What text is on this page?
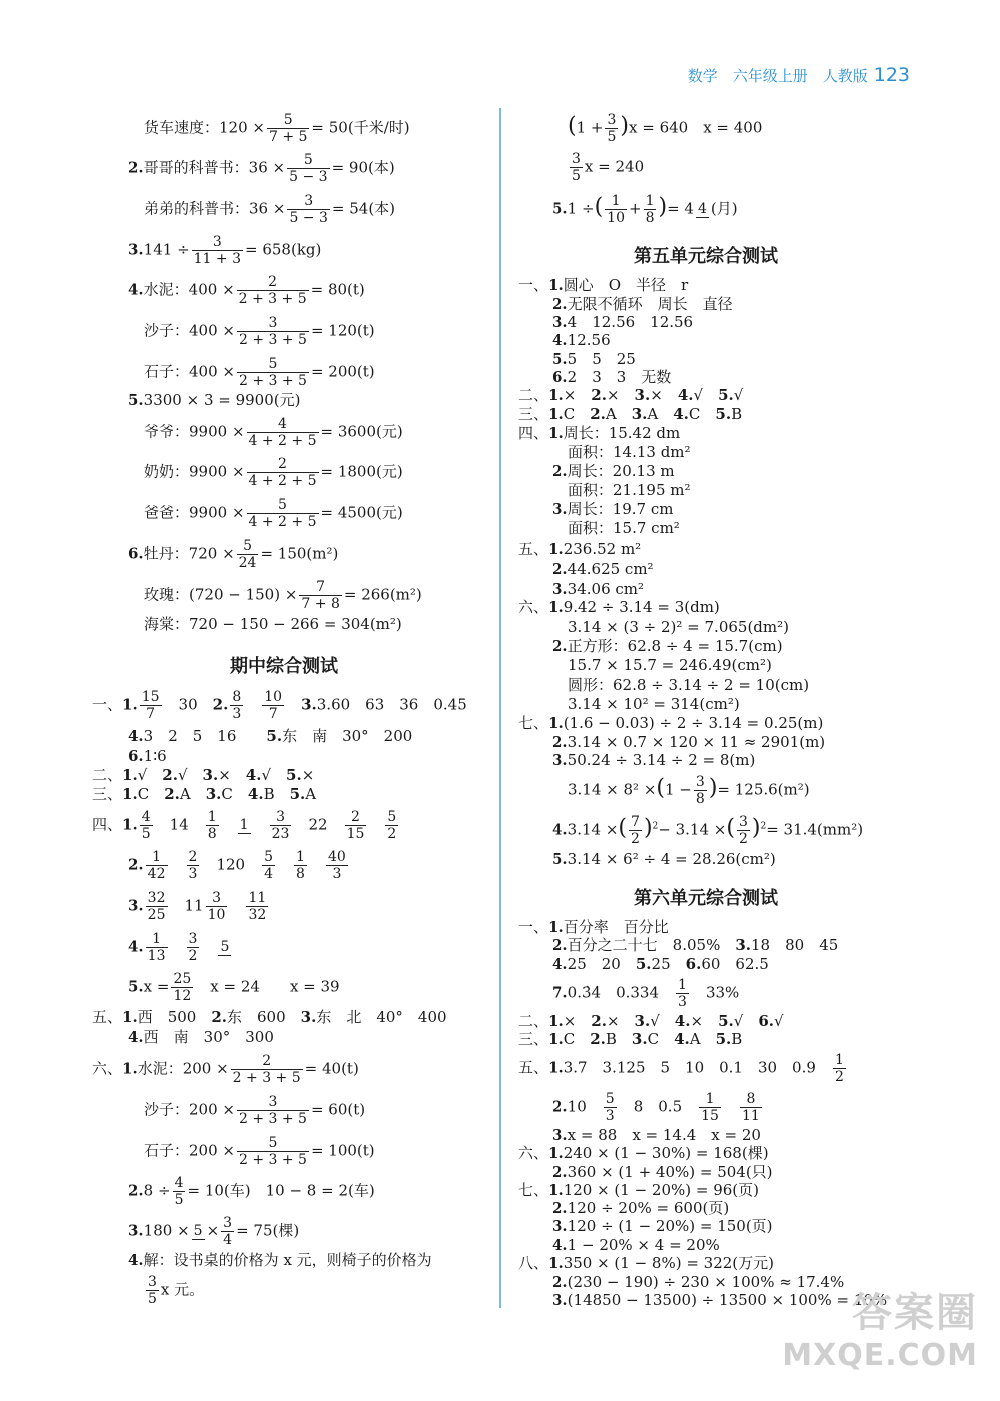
数学　六年级上册　人教版 123
货车速度：$120 \times \frac{5}{7 + 5} = 50$(千米/时)
2.哥哥的科普书：$36 \times \frac{5}{5 - 3} = 90$(本)
弟弟的科普书：$36 \times \frac{3}{5 - 3} = 54$(本)
$3.141 \div \frac{3}{11 + 3} = 658(kg)$
4.水泥：$400 \times \frac{2}{2 + 3 + 5} = 80(t)$
沙子：$400 \times \frac{3}{2 + 3 + 5} = 120(t)$
石子：$400 \times \frac{5}{2 + 3 + 5} = 200(t)$
5.3300 × 3 = 9900(元)
爷爷：$9900 \times \frac{4}{4 + 2 + 5} = 3600$(元)
奶奶：$9900 \times \frac{2}{4 + 2 + 5} = 1800$(元)
爸爸：$9900 \times \frac{5}{4 + 2 + 5} = 4500$(元)
6.牡丹：$720 \times \frac{5}{24} = 150(m^2)$
玫瑰：$(720 - 150) \times \frac{7}{7 + 8} = 266(m^2)$
海棠：720 − 150 − 266 = 304(m²)
期中综合测试
一、1. $\frac{15}{7}$
　 30　 2. $\frac{8}{3}$
　 $\frac{10}{7}$
　 3.3.60　63　36　0.45
4.3　2　5　16　　 5.东　南　30°　200
6.1∶6
二、1.√　 2.√　 3.×　 4.√　 5.×
三、1.C　 2.A　 3.C　 4.B　 5.A
四、1. $\frac{4}{5}$
　 14　 $\frac{1}{8}$
　 1
　 $\frac{3}{23}$
　 22　 $\frac{2}{15}$
　 $\frac{5}{2}$
2. $\frac{1}{42}$
　 $\frac{2}{3}$
　 120　 $\frac{5}{4}$
　 $\frac{1}{8}$
　 $\frac{40}{3}$
3. $\frac{32}{25}$
　 $11 \frac{3}{10}$
　 $\frac{11}{32}$
4. $\frac{1}{13}$
　 $\frac{3}{2}$
　 5
$5.x = \frac{25}{12}$ 　x = 24　　x = 39
五、1.西　500　 2.东　600　 3.东　北　40°　400
4.西　南　30°　300
六、1.水泥：$200 \times \frac{2}{2 + 3 + 5} = 40(t)$
沙子：$200 \times \frac{3}{2 + 3 + 5} = 60(t)$
石子：$200 \times \frac{5}{2 + 3 + 5} = 100(t)$
$2.8 \div \frac{4}{5} = 10$(车)　10 − 8 = 2(车)
$3.180 \times 5 \times \frac{3}{4} = 75$(棵)
4.解：设书桌的价格为 x 元，则椅子的价格为
$\frac{3}{5}$ x 元。
$(1 + \frac{3}{5} )x = 640$　x = 400
$\frac{3}{5}$ x = 240
5.1 ÷( $\frac{1}{10} + \frac{1}{8}$ )= 4 4 (月)
第五单元综合测试
一、1.圆心　O　半径　r
2.无限不循环　周长　直径
3.4　12.56　12.56
4.12.56
5.5　5　25
6.2　3　3　无数
二、1.×　 2.×　 3.×　 4.√　 5.√
三、1.C　 2.A　 3.A　 4.C　 5.B
四、1.周长：15.42 dm
面积：14.13 dm²
2.周长：20.13 m
面积：21.195 m²
3.周长：19.7 cm
面积：15.7 cm²
五、1.236.52 m²
2.44.625 cm²
3.34.06 cm²
六、1.9.42 ÷ 3.14 = 3(dm)
3.14 × (3 ÷ 2)² = 7.065(dm²)
2.正方形：62.8 ÷ 4 = 15.7(cm)
15.7 × 15.7 = 246.49(cm²)
圆形：62.8 ÷ 3.14 ÷ 2 = 10(cm)
3.14 × 10² = 314(cm²)
七、1.(1.6 − 0.03) ÷ 2 ÷ 3.14 = 0.25(m)
2.3.14 × 0.7 × 120 × 11 ≈ 2901(m)
3.50.24 ÷ 3.14 ÷ 2 = 8(m)
$3.14 \times 8^2 \times(1 - \frac{3}{8}$ )= 125.6(m²)
4.3.14 ×( $\frac{7}{2} )^2- 3.14$ ×( $\frac{3}{2} )^2= 31.4(mm^2)$
5.3.14 × 6² ÷ 4 = 28.26(cm²)
第六单元综合测试
一、1.百分率　百分比
2.百分之二十七　8.05%　 3.18　80　45
4.25　20　 5.25　 6.60　62.5
7.0.3̇4̇　0.334　 $\frac{1}{3}$
　 33%
二、1.×　 2.×　 3.√　 4.×　 5.√　 6.√
三、1.C　 2.B　 3.C　 4.A　 5.B
五、1.3.7　3.125　5　10　0.1　30　0.9　 $\frac{1}{2}$
2.10　 $\frac{5}{3}$
　 8　0.5　 $\frac{1}{15}$
　 $\frac{8}{11}$
3.x = 88　x = 14.4　x = 20
六、1.240 × (1 − 30%) = 168(棵)
2.360 × (1 + 40%) = 504(只)
七、1.120 × (1 − 20%) = 96(页)
2.120 ÷ 20% = 600(页)
3.120 ÷ (1 − 20%) = 150(页)
4.1 − 20% × 4 = 20%
八、1.350 × (1 − 8%) = 322(万元)
2.(230 − 190) ÷ 230 × 100% ≈ 17.4%
3.(14850 − 13500) ÷ 13500 × 100% = 10%
答案圈
MXQE.COM
